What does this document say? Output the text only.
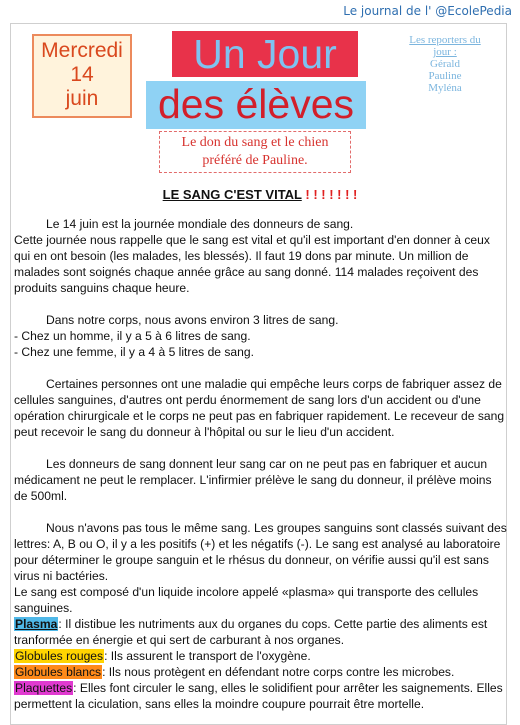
Le journal de l' @EcolePedia
Mercredi
14
juin
Un Jour
des élèves
Les reporters du jour :
Gérald
Pauline
Myléna
Le don du sang et le chien
préféré de Pauline.
LE SANG C'EST VITAL ! ! ! ! ! ! !
Le 14 juin est la journée mondiale des donneurs de sang.
Cette journée nous rappelle que le sang est vital et qu'il est important d'en donner à ceux qui en ont besoin (les malades, les blessés). Il faut 19 dons par minute. Un million de malades sont soignés chaque année grâce au sang donné. 114 malades reçoivent des produits sanguins chaque heure.
Dans notre corps, nous avons environ 3 litres de sang.
- Chez un homme, il y a 5 à 6 litres de sang.
- Chez une femme, il y a 4 à 5 litres de sang.
Certaines personnes ont une maladie qui empêche leurs corps de fabriquer assez de cellules sanguines, d'autres ont perdu énormement de sang lors d'un accident ou d'une opération chirurgicale et le corps ne peut pas en fabriquer rapidement. Le receveur de sang peut recevoir le sang du donneur à l'hôpital ou sur le lieu d'un accident.
Les donneurs de sang donnent leur sang car on ne peut pas en fabriquer et aucun médicament ne peut le remplacer. L'infirmier prélève le sang du donneur, il prélève moins de 500ml.
Nous n'avons pas tous le même sang. Les groupes sanguins sont classés suivant des lettres: A, B ou O, il y a les positifs (+) et les négatifs (-). Le sang est analysé au laboratoire pour déterminer le groupe sanguin et le rhésus du donneur, on vérifie aussi qu'il est sans virus ni bactéries.
Le sang est composé d'un liquide incolore appelé «plasma» qui transporte des cellules sanguines.
Plasma: Il distibue les nutriments aux du organes du cops. Cette partie des aliments est tranformée en énergie et qui sert de carburant à nos organes.
Globules rouges: Ils assurent le transport de l'oxygène.
Globules blancs: Ils nous protègent en défendant notre corps contre les microbes.
Plaquettes: Elles font circuler le sang, elles le solidifient pour arrêter les saignements. Elles permettent la ciculation, sans elles la moindre coupure pourrait être mortelle.
